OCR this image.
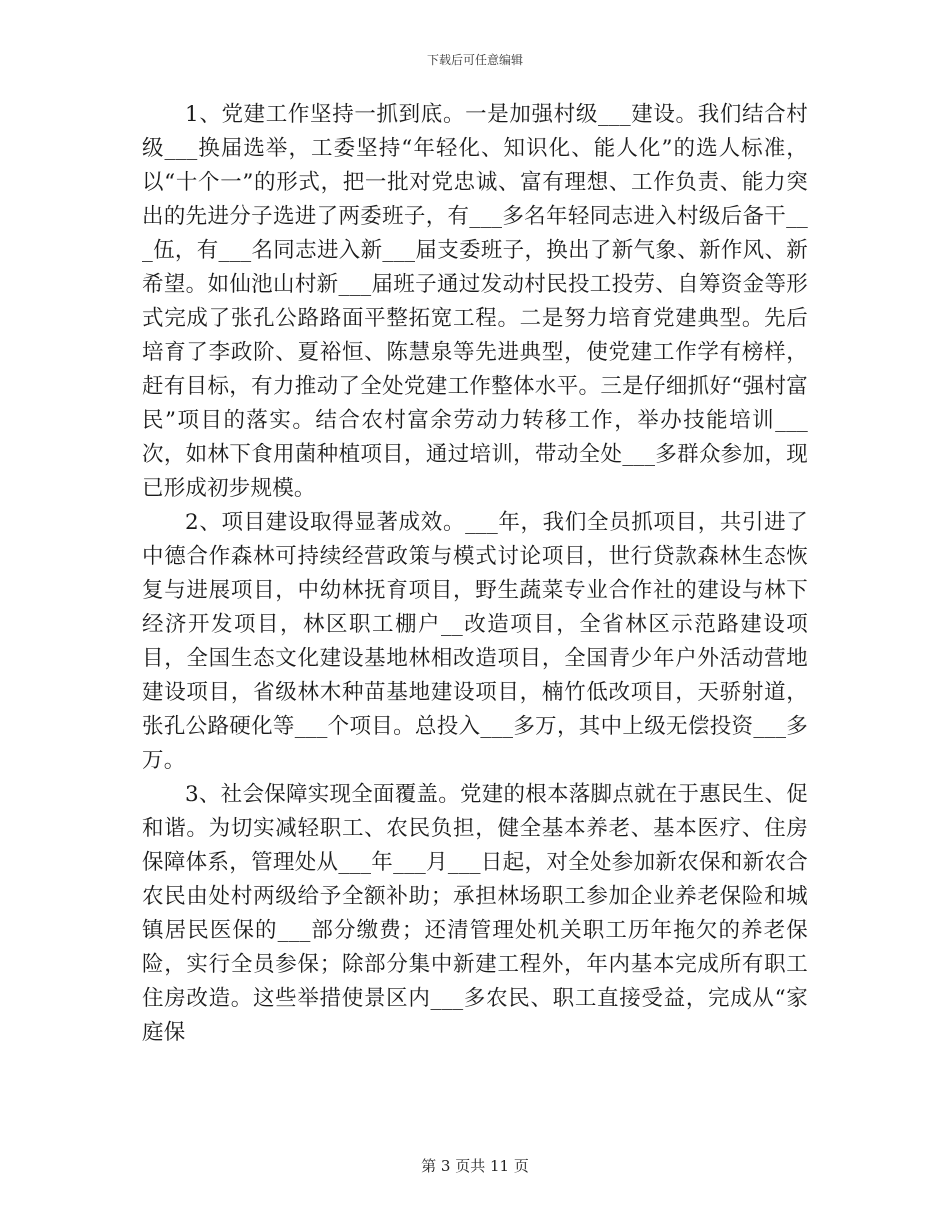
下载后可任意编辑

1、党建工作坚持一抓到底。一是加强村级___建设。我们结合村级___换届选举，工委坚持“年轻化、知识化、能人化”的选人标准，以“十个一”的形式，把一批对党忠诚、富有理想、工作负责、能力突出的先进分子选进了两委班子，有___多名年轻同志进入村级后备干___伍，有___名同志进入新___届支委班子，换出了新气象、新作风、新希望。如仙池山村新___届班子通过发动村民投工投劳、自筹资金等形式完成了张孔公路路面平整拓宽工程。二是努力培育党建典型。先后培育了李政阶、夏裕恒、陈慧泉等先进典型，使党建工作学有榜样，赶有目标，有力推动了全处党建工作整体水平。三是仔细抓好“强村富民”项目的落实。结合农村富余劳动力转移工作，举办技能培训___次，如林下食用菌种植项目，通过培训，带动全处___多群众参加，现已形成初步规模。

2、项目建设取得显著成效。___年，我们全员抓项目，共引进了中德合作森林可持续经营政策与模式讨论项目，世行贷款森林生态恢复与进展项目，中幼林抚育项目，野生蔬菜专业合作社的建设与林下经济开发项目，林区职工棚户__改造项目，全省林区示范路建设项目，全国生态文化建设基地林相改造项目，全国青少年户外活动营地建设项目，省级林木种苗基地建设项目，楠竹低改项目，天骄射道，张孔公路硬化等___个项目。总投入___多万，其中上级无偿投资___多万。

3、社会保障实现全面覆盖。党建的根本落脚点就在于惠民生、促和谐。为切实减轻职工、农民负担，健全基本养老、基本医疗、住房保障体系，管理处从___年___月___日起，对全处参加新农保和新农合农民由处村两级给予全额补助；承担林场职工参加企业养老保险和城镇居民医保的___部分缴费；还清管理处机关职工历年拖欠的养老保险，实行全员参保；除部分集中新建工程外，年内基本完成所有职工住房改造。这些举措使景区内___多农民、职工直接受益，完成从“家庭保

第 3 页共 11 页
